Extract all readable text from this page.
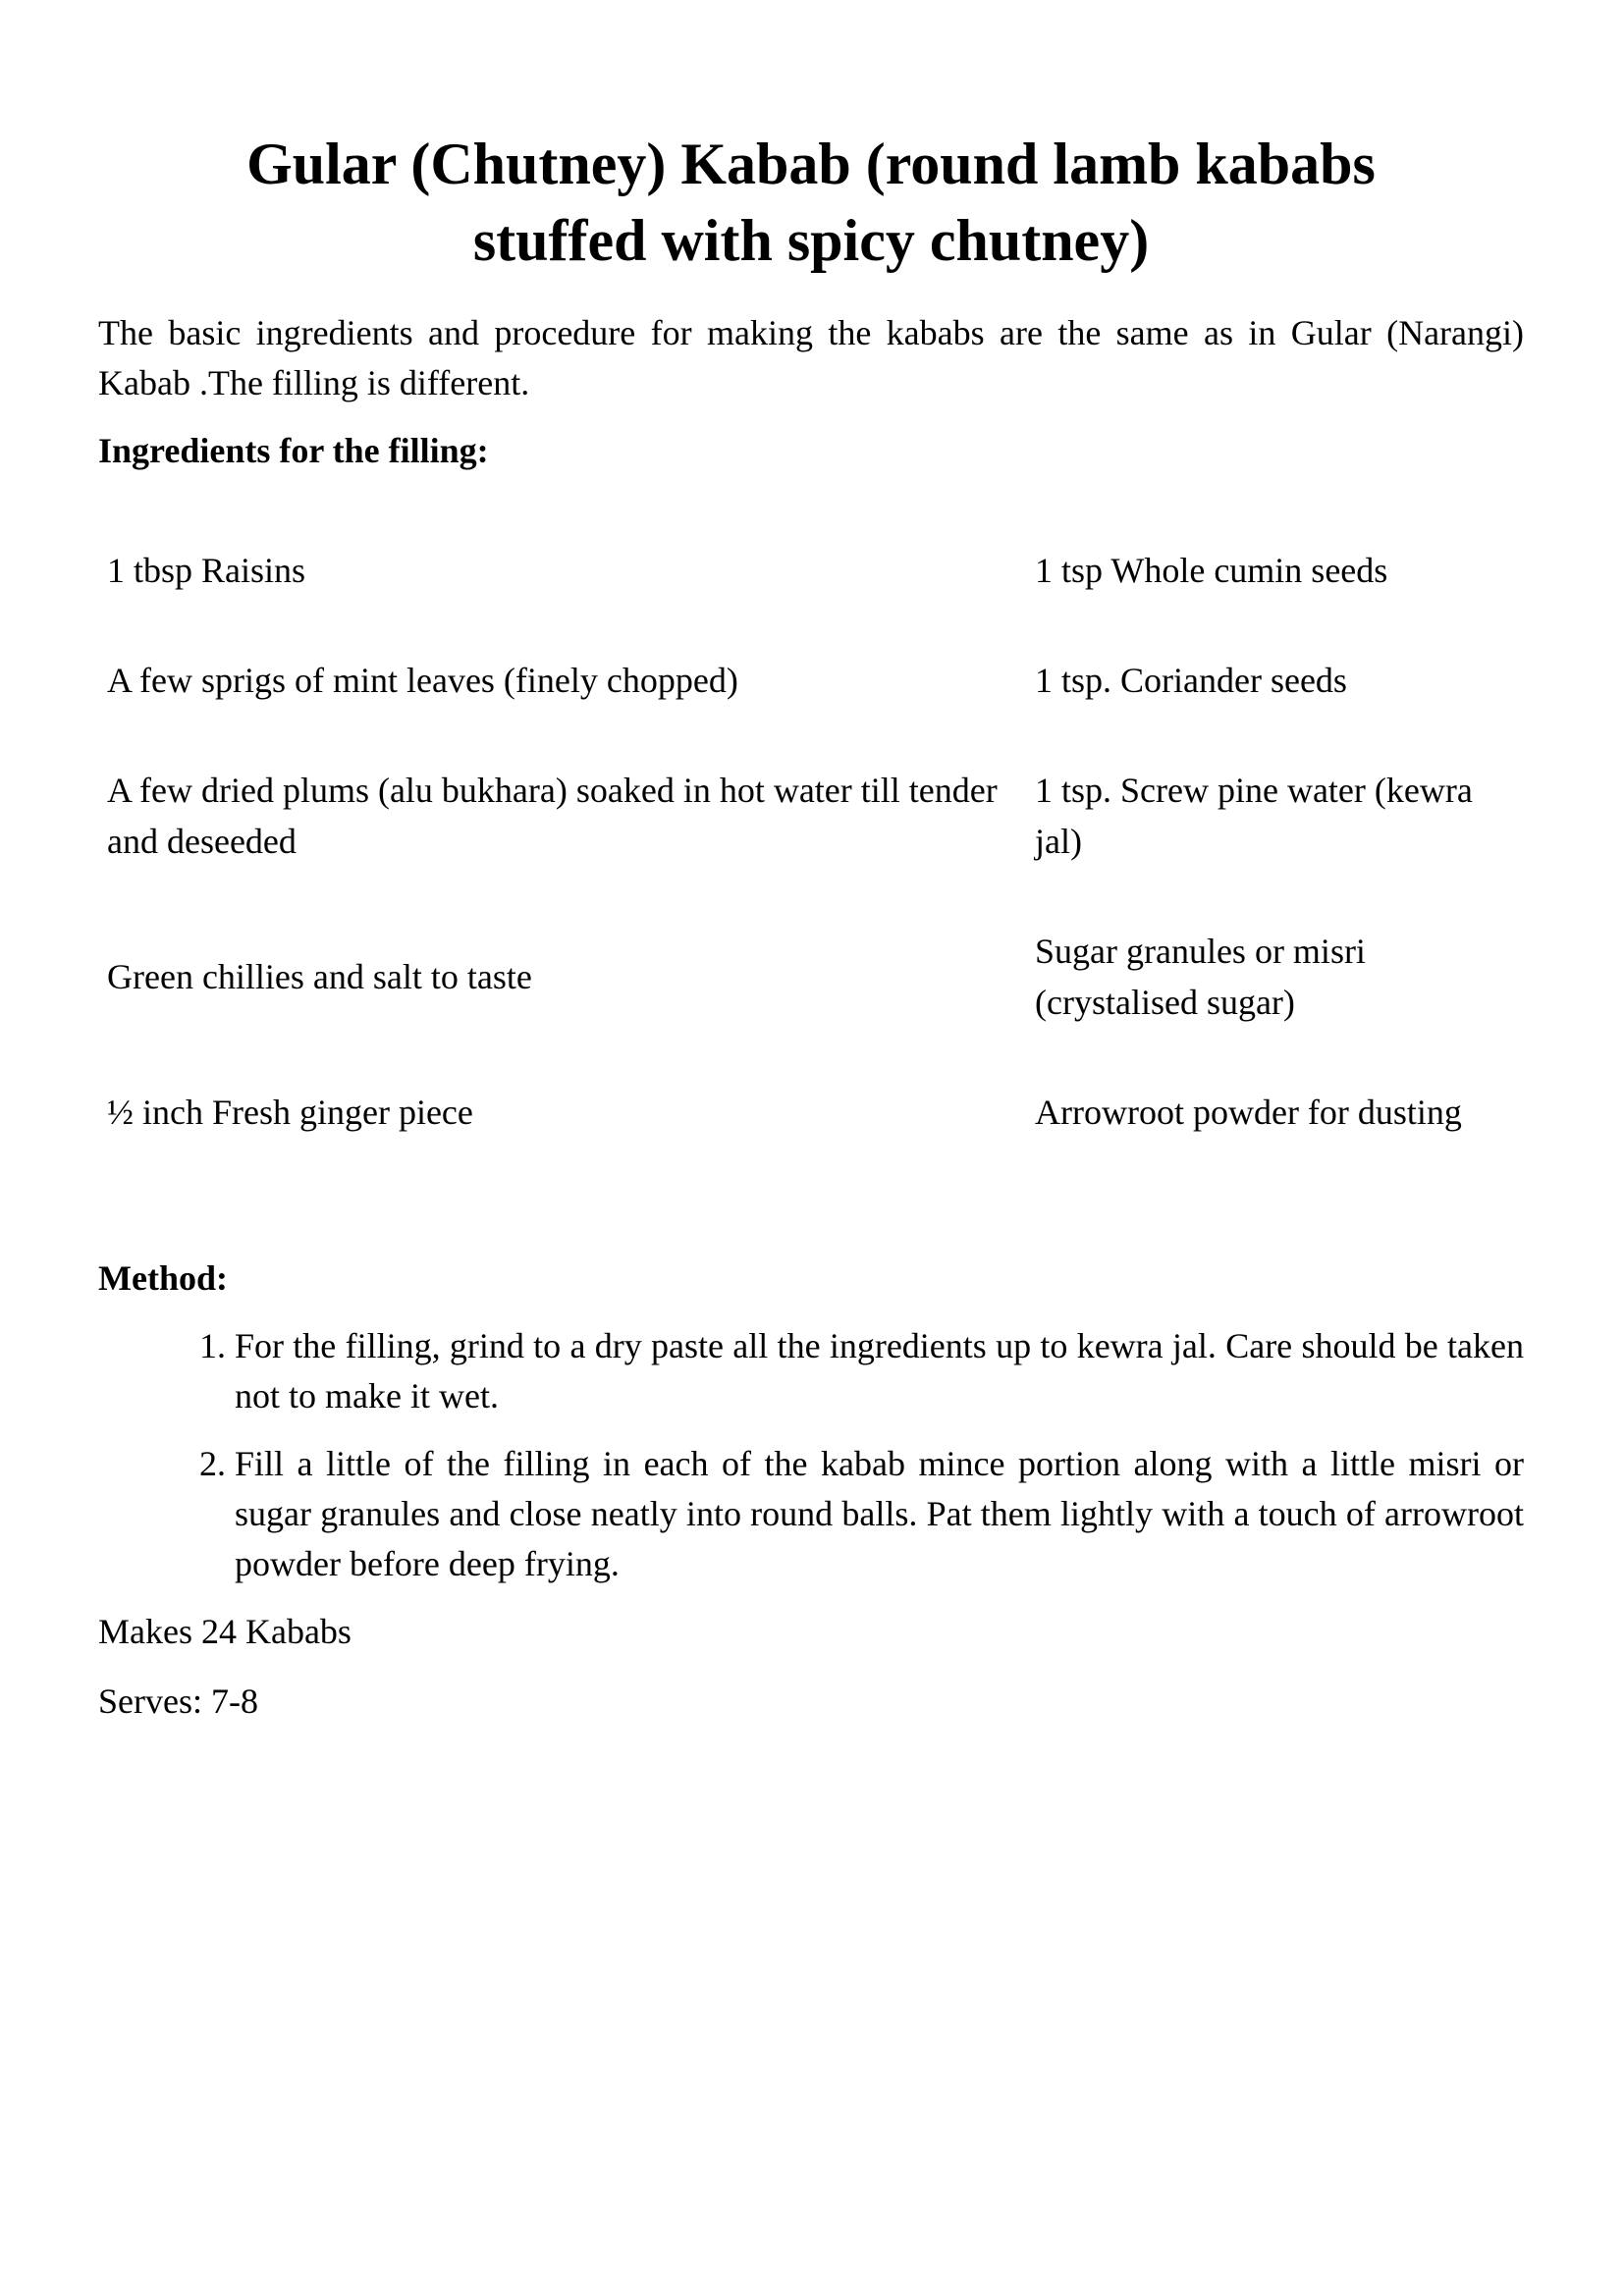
Gular (Chutney) Kabab (round lamb kababs
stuffed with spicy chutney)

The basic ingredients and procedure for making the kababs are the same as in Gular (Narangi) Kabab .The filling is different.

Ingredients for the filling:

1 tbsp Raisins	1 tsp Whole cumin seeds
A few sprigs of mint leaves (finely chopped)	1 tsp. Coriander seeds
A few dried plums (alu bukhara) soaked in hot water till tender and deseeded	1 tsp. Screw pine water (kewra jal)
Green chillies and salt to taste	Sugar granules or misri (crystalised sugar)
½ inch Fresh ginger piece	Arrowroot powder for dusting

Method:

1. For the filling, grind to a dry paste all the ingredients up to kewra jal. Care should be taken not to make it wet.
2. Fill a little of the filling in each of the kabab mince portion along with a little misri or sugar granules and close neatly into round balls. Pat them lightly with a touch of arrowroot powder before deep frying.

Makes 24 Kababs

Serves: 7-8
